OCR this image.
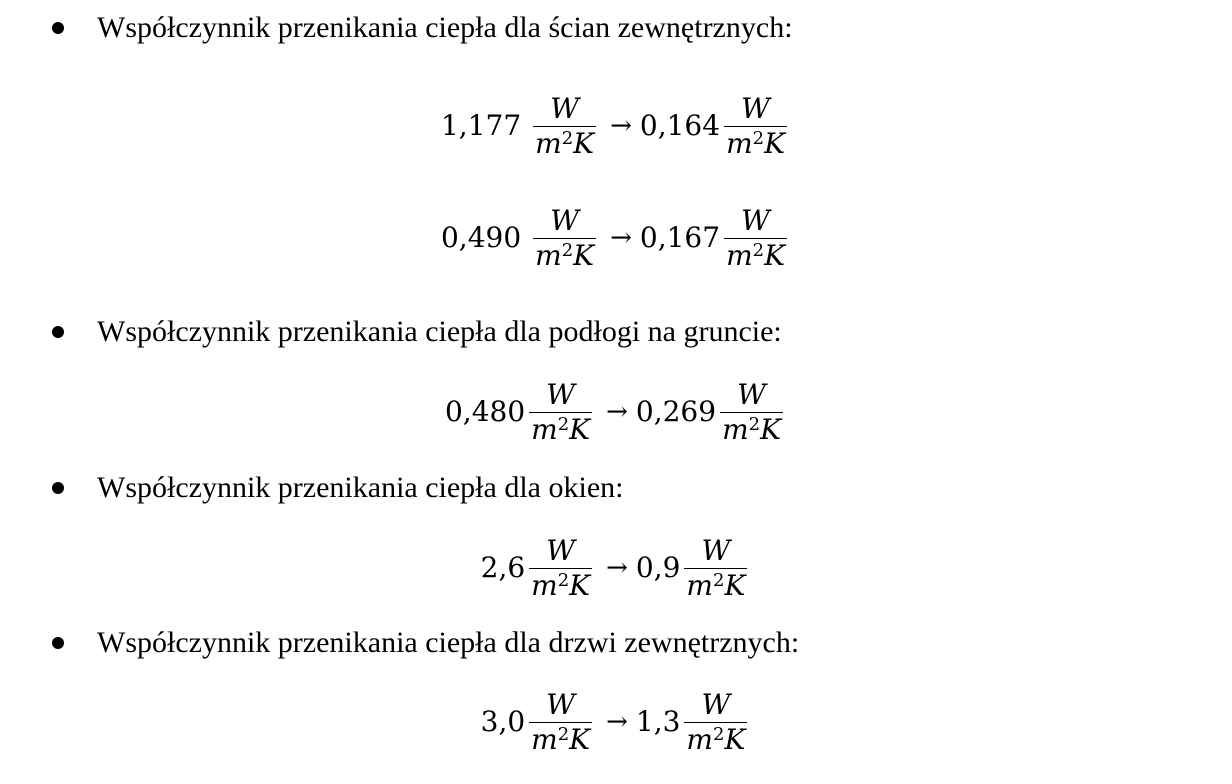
Współczynnik przenikania ciepła dla ścian zewnętrznych:
$1,177 \frac{W}{m^2K} \to 0,164 \frac{W}{m^2K}$
$0,490 \frac{W}{m^2K} \to 0,167 \frac{W}{m^2K}$
Współczynnik przenikania ciepła dla podłogi na gruncie:
$0,480 \frac{W}{m^2K} \to 0,269 \frac{W}{m^2K}$
Współczynnik przenikania ciepła dla okien:
$2,6 \frac{W}{m^2K} \to 0,9 \frac{W}{m^2K}$
Współczynnik przenikania ciepła dla drzwi zewnętrznych:
$3,0 \frac{W}{m^2K} \to 1,3 \frac{W}{m^2K}$
